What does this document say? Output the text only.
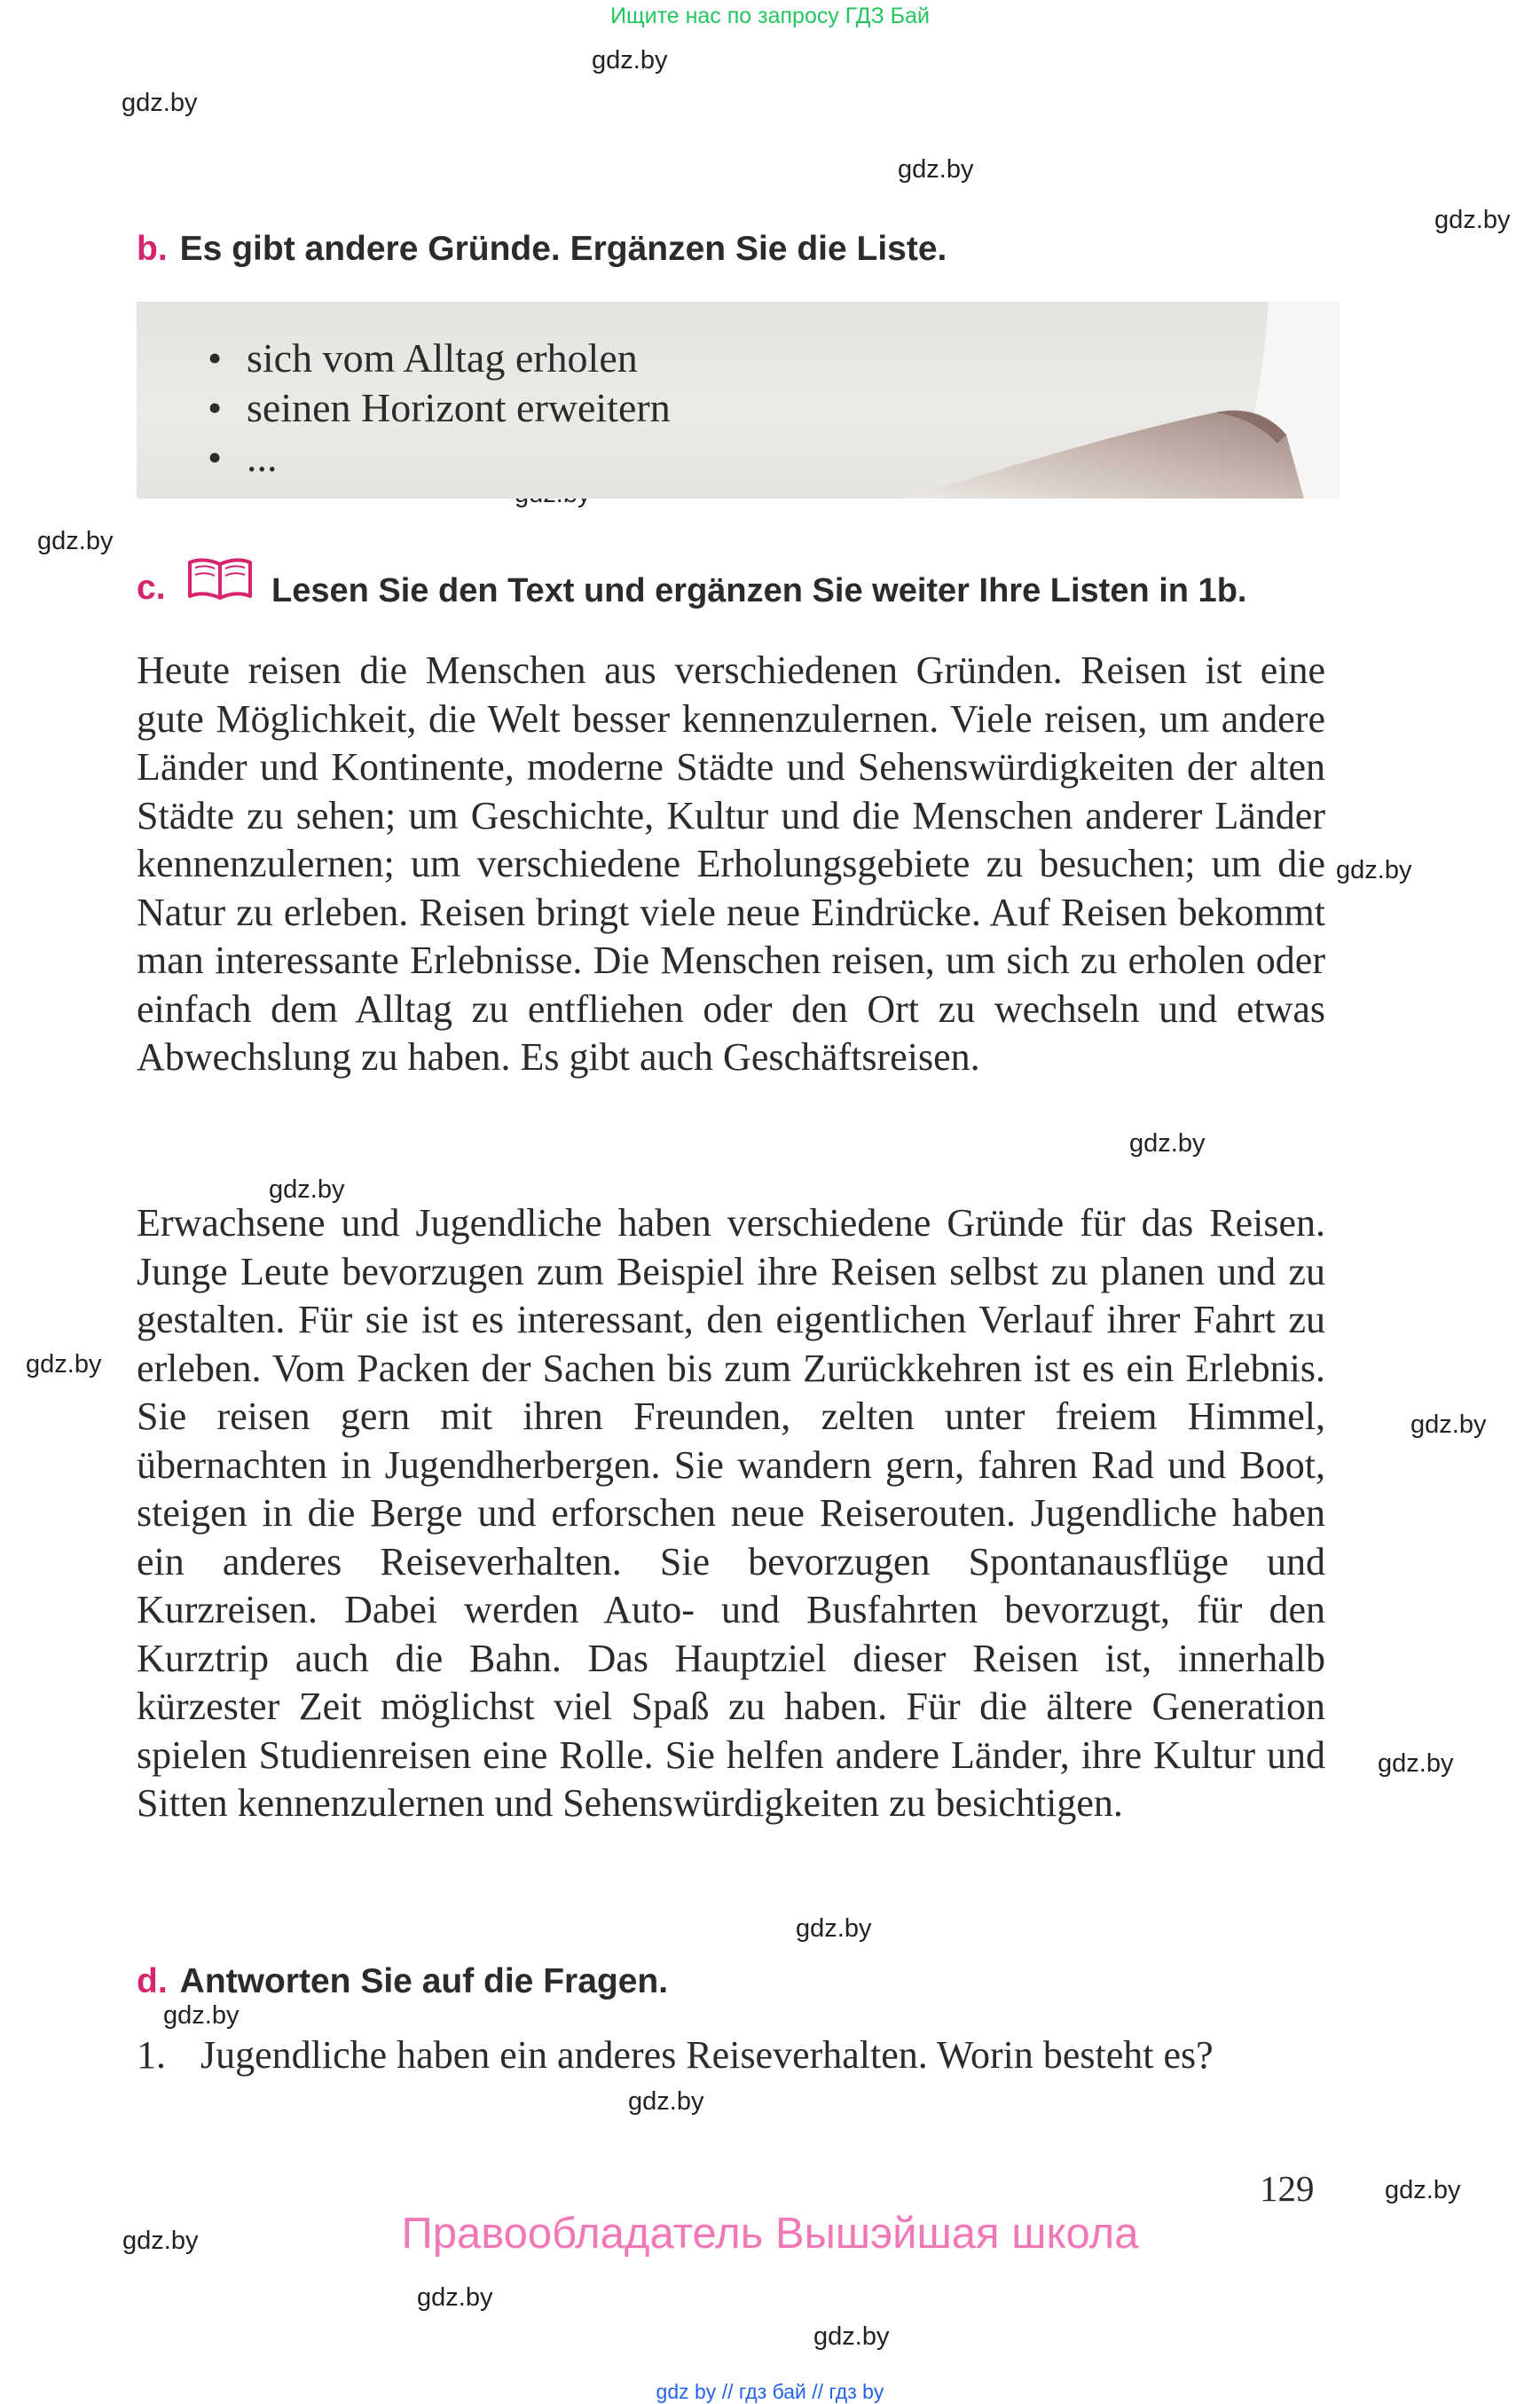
Ищите нас по запросу ГДЗ Бай
gdz.by
gdz.by
gdz.by
gdz.by
gdz.by
gdz.by
gdz.by
gdz.by
gdz.by
gdz.by
gdz.by
gdz.by
gdz.by
gdz.by
gdz.by
gdz.by
gdz.by
gdz.by
b. Es gibt andere Gründe. Ergänzen Sie die Liste.
• sich vom Alltag erholen
• seinen Horizont erweitern
• ...
c.	Lesen Sie den Text und ergänzen Sie weiter Ihre Listen in 1b.

Heute reisen die Menschen aus verschiedenen Gründen. Reisen ist eine gute Möglichkeit, die Welt besser kennenzulernen. Viele reisen, um andere Länder und Kontinente, moderne Städte und Sehenswürdigkeiten der alten Städte zu sehen; um Geschichte, Kultur und die Menschen anderer Länder kennenzulernen; um verschiedene Erholungsgebiete zu besuchen; um die Natur zu erleben. Reisen bringt viele neue Eindrücke. Auf Reisen bekommt man interessante Erlebnisse. Die Menschen reisen, um sich zu erholen oder einfach dem Alltag zu entfliehen oder den Ort zu wechseln und etwas Abwechslung zu haben. Es gibt auch Geschäftsreisen.

Erwachsene und Jugendliche haben verschiedene Gründe für das Reisen. Junge Leute bevorzugen zum Beispiel ihre Reisen selbst zu planen und zu gestalten. Für sie ist es interessant, den eigentlichen Verlauf ihrer Fahrt zu erleben. Vom Packen der Sachen bis zum Zurückkehren ist es ein Erlebnis. Sie reisen gern mit ihren Freunden, zelten unter freiem Himmel, übernachten in Jugendherbergen. Sie wandern gern, fahren Rad und Boot, steigen in die Berge und erforschen neue Reiserouten. Jugendliche haben ein anderes Reiseverhalten. Sie bevorzugen Spontanausflüge und Kurzreisen. Dabei werden Auto- und Busfahrten bevorzugt, für den Kurztrip auch die Bahn. Das Hauptziel dieser Reisen ist, innerhalb kürzester Zeit möglichst viel Spaß zu haben. Für die ältere Generation spielen Studienreisen eine Rolle. Sie helfen andere Länder, ihre Kultur und Sitten kennenzulernen und Sehenswürdigkeiten zu besichtigen.

d. Antworten Sie auf die Fragen.
1. Jugendliche haben ein anderes Reiseverhalten. Worin besteht es?
129
Правообладатель Вышэйшая школа
gdz by // гдз бай // гдз by
